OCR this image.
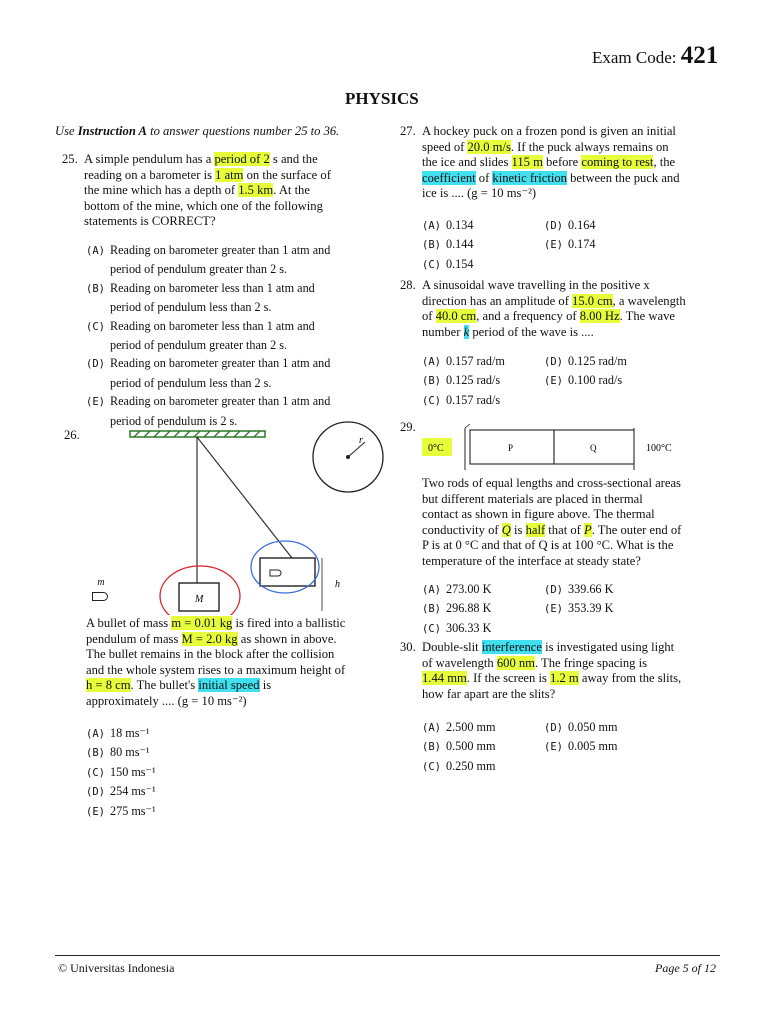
Exam Code: 421
PHYSICS
Use Instruction A to answer questions number 25 to 36.
25. A simple pendulum has a period of 2 s and the
reading on a barometer is 1 atm on the surface of
the mine which has a depth of 1.5 km. At the
bottom of the mine, which one of the following
statements is CORRECT?
(A) Reading on barometer greater than 1 atm and
period of pendulum greater than 2 s.
(B) Reading on barometer less than 1 atm and
period of pendulum less than 2 s.
(C) Reading on barometer less than 1 atm and
period of pendulum greater than 2 s.
(D) Reading on barometer greater than 1 atm and
period of pendulum less than 2 s.
(E) Reading on barometer greater than 1 atm and
period of pendulum is 2 s.
26.
M
h
r
m
A bullet of mass m = 0.01 kg is fired into a ballistic
pendulum of mass M = 2.0 kg as shown in above.
The bullet remains in the block after the collision
and the whole system rises to a maximum height of
h = 8 cm. The bullet's initial speed is
approximately .... (g = 10 ms⁻²)
(A) 18 ms⁻¹
(B) 80 ms⁻¹
(C) 150 ms⁻¹
(D) 254 ms⁻¹
(E) 275 ms⁻¹
27. A hockey puck on a frozen pond is given an initial
speed of 20.0 m/s. If the puck always remains on
the ice and slides 115 m before coming to rest, the
coefficient of kinetic friction between the puck and
ice is .... (g = 10 ms⁻²)
(A) 0.134
(B) 0.144
(C) 0.154
(D) 0.164
(E) 0.174
28. A sinusoidal wave travelling in the positive x
direction has an amplitude of 15.0 cm, a wavelength
of 40.0 cm, and a frequency of 8.00 Hz. The wave
number k period of the wave is ....
(A) 0.157 rad/m
(B) 0.125 rad/s
(C) 0.157 rad/s
(D) 0.125 rad/m
(E) 0.100 rad/s
29.
0°C	P	Q	100°C
Two rods of equal lengths and cross-sectional areas
but different materials are placed in thermal
contact as shown in figure above. The thermal
conductivity of Q is half that of P. The outer end of
P is at 0 °C and that of Q is at 100 °C. What is the
temperature of the interface at steady state?
(A) 273.00 K
(B) 296.88 K
(C) 306.33 K
(D) 339.66 K
(E) 353.39 K
30. Double-slit interference is investigated using light
of wavelength 600 nm. The fringe spacing is
1.44 mm. If the screen is 1.2 m away from the slits,
how far apart are the slits?
(A) 2.500 mm
(B) 0.500 mm
(C) 0.250 mm
(D) 0.050 mm
(E) 0.005 mm
© Universitas Indonesia	Page 5 of 12
